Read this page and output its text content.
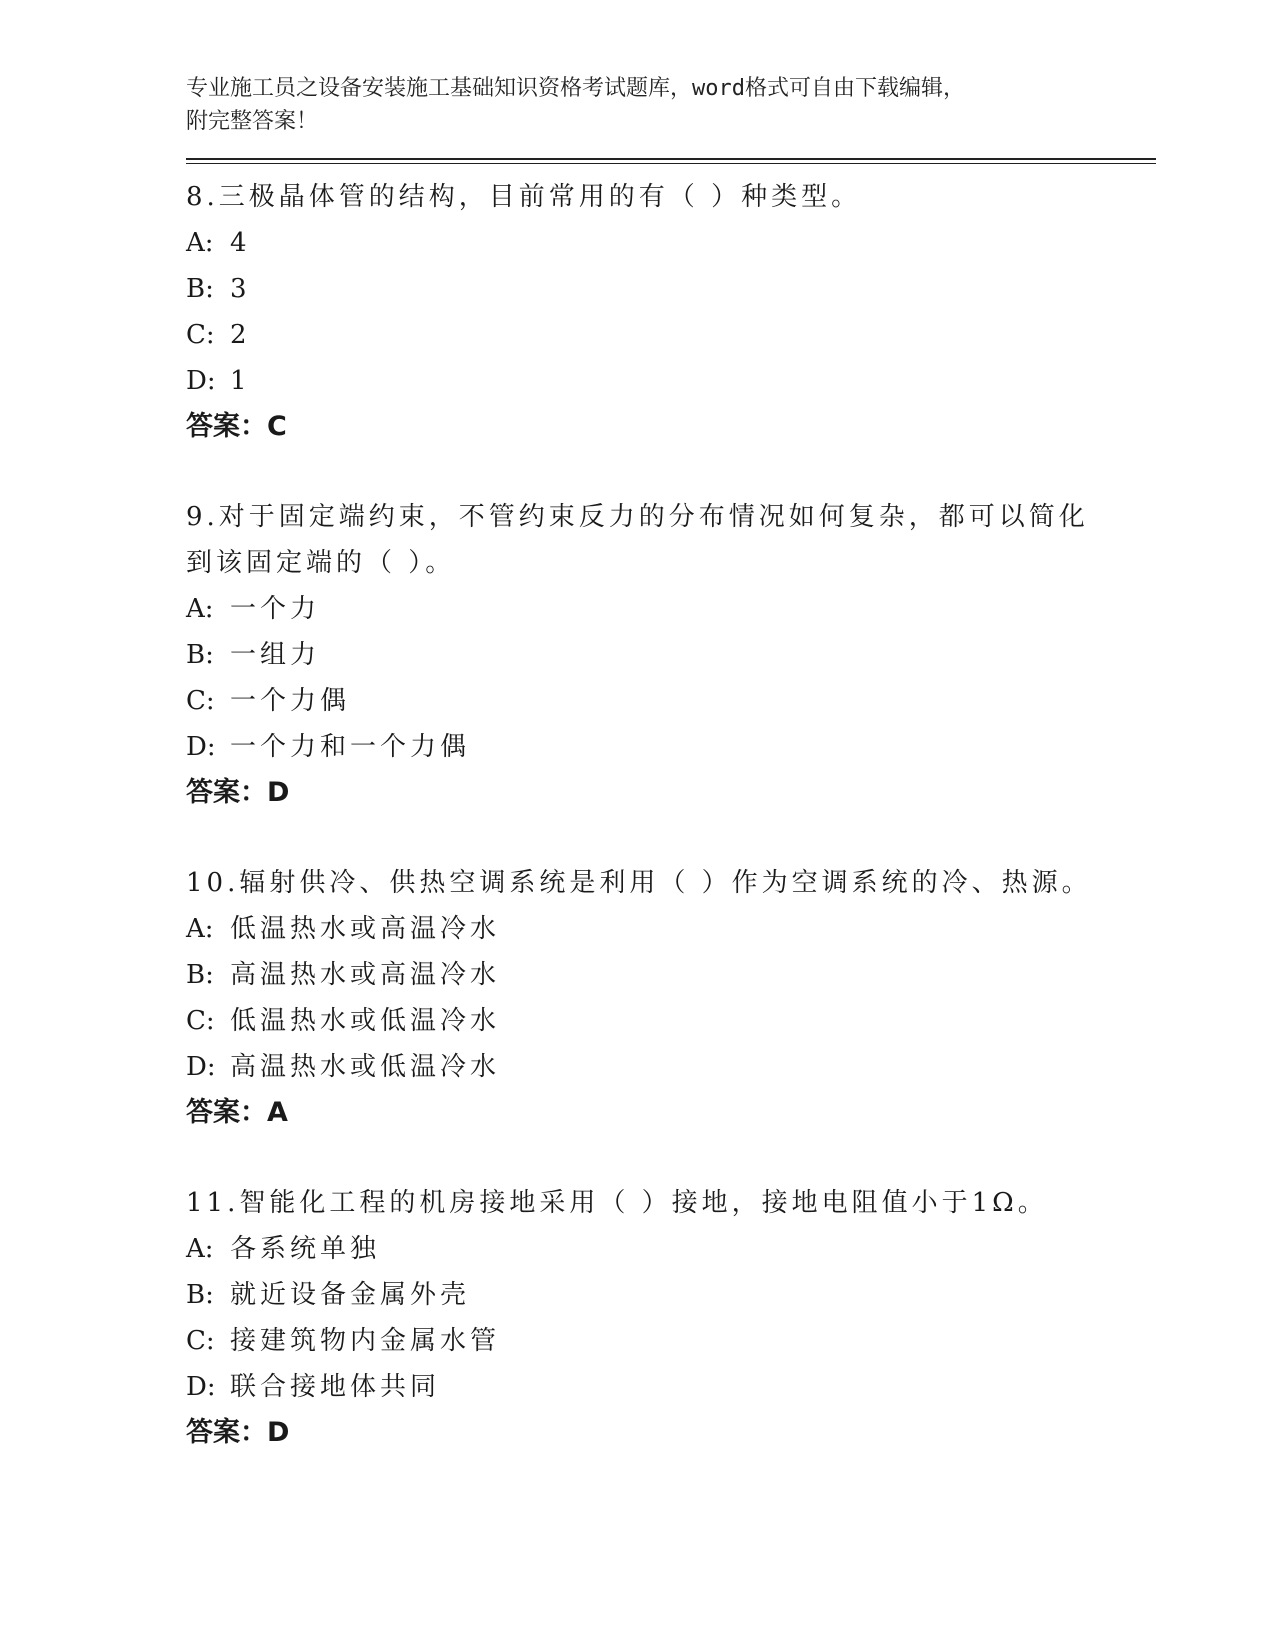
专业施工员之设备安装施工基础知识资格考试题库，word格式可自由下载编辑，
附完整答案！
8.三极晶体管的结构，目前常用的有（ ）种类型。
A: 4
B: 3
C: 2
D: 1
答案：C
9.对于固定端约束，不管约束反力的分布情况如何复杂，都可以简化
到该固定端的（ ）。
A: 一个力
B: 一组力
C: 一个力偶
D: 一个力和一个力偶
答案：D
10.辐射供冷、供热空调系统是利用（ ）作为空调系统的冷、热源。
A: 低温热水或高温冷水
B: 高温热水或高温冷水
C: 低温热水或低温冷水
D: 高温热水或低温冷水
答案：A
11.智能化工程的机房接地采用（ ）接地，接地电阻值小于1Ω。
A: 各系统单独
B: 就近设备金属外壳
C: 接建筑物内金属水管
D: 联合接地体共同
答案：D
